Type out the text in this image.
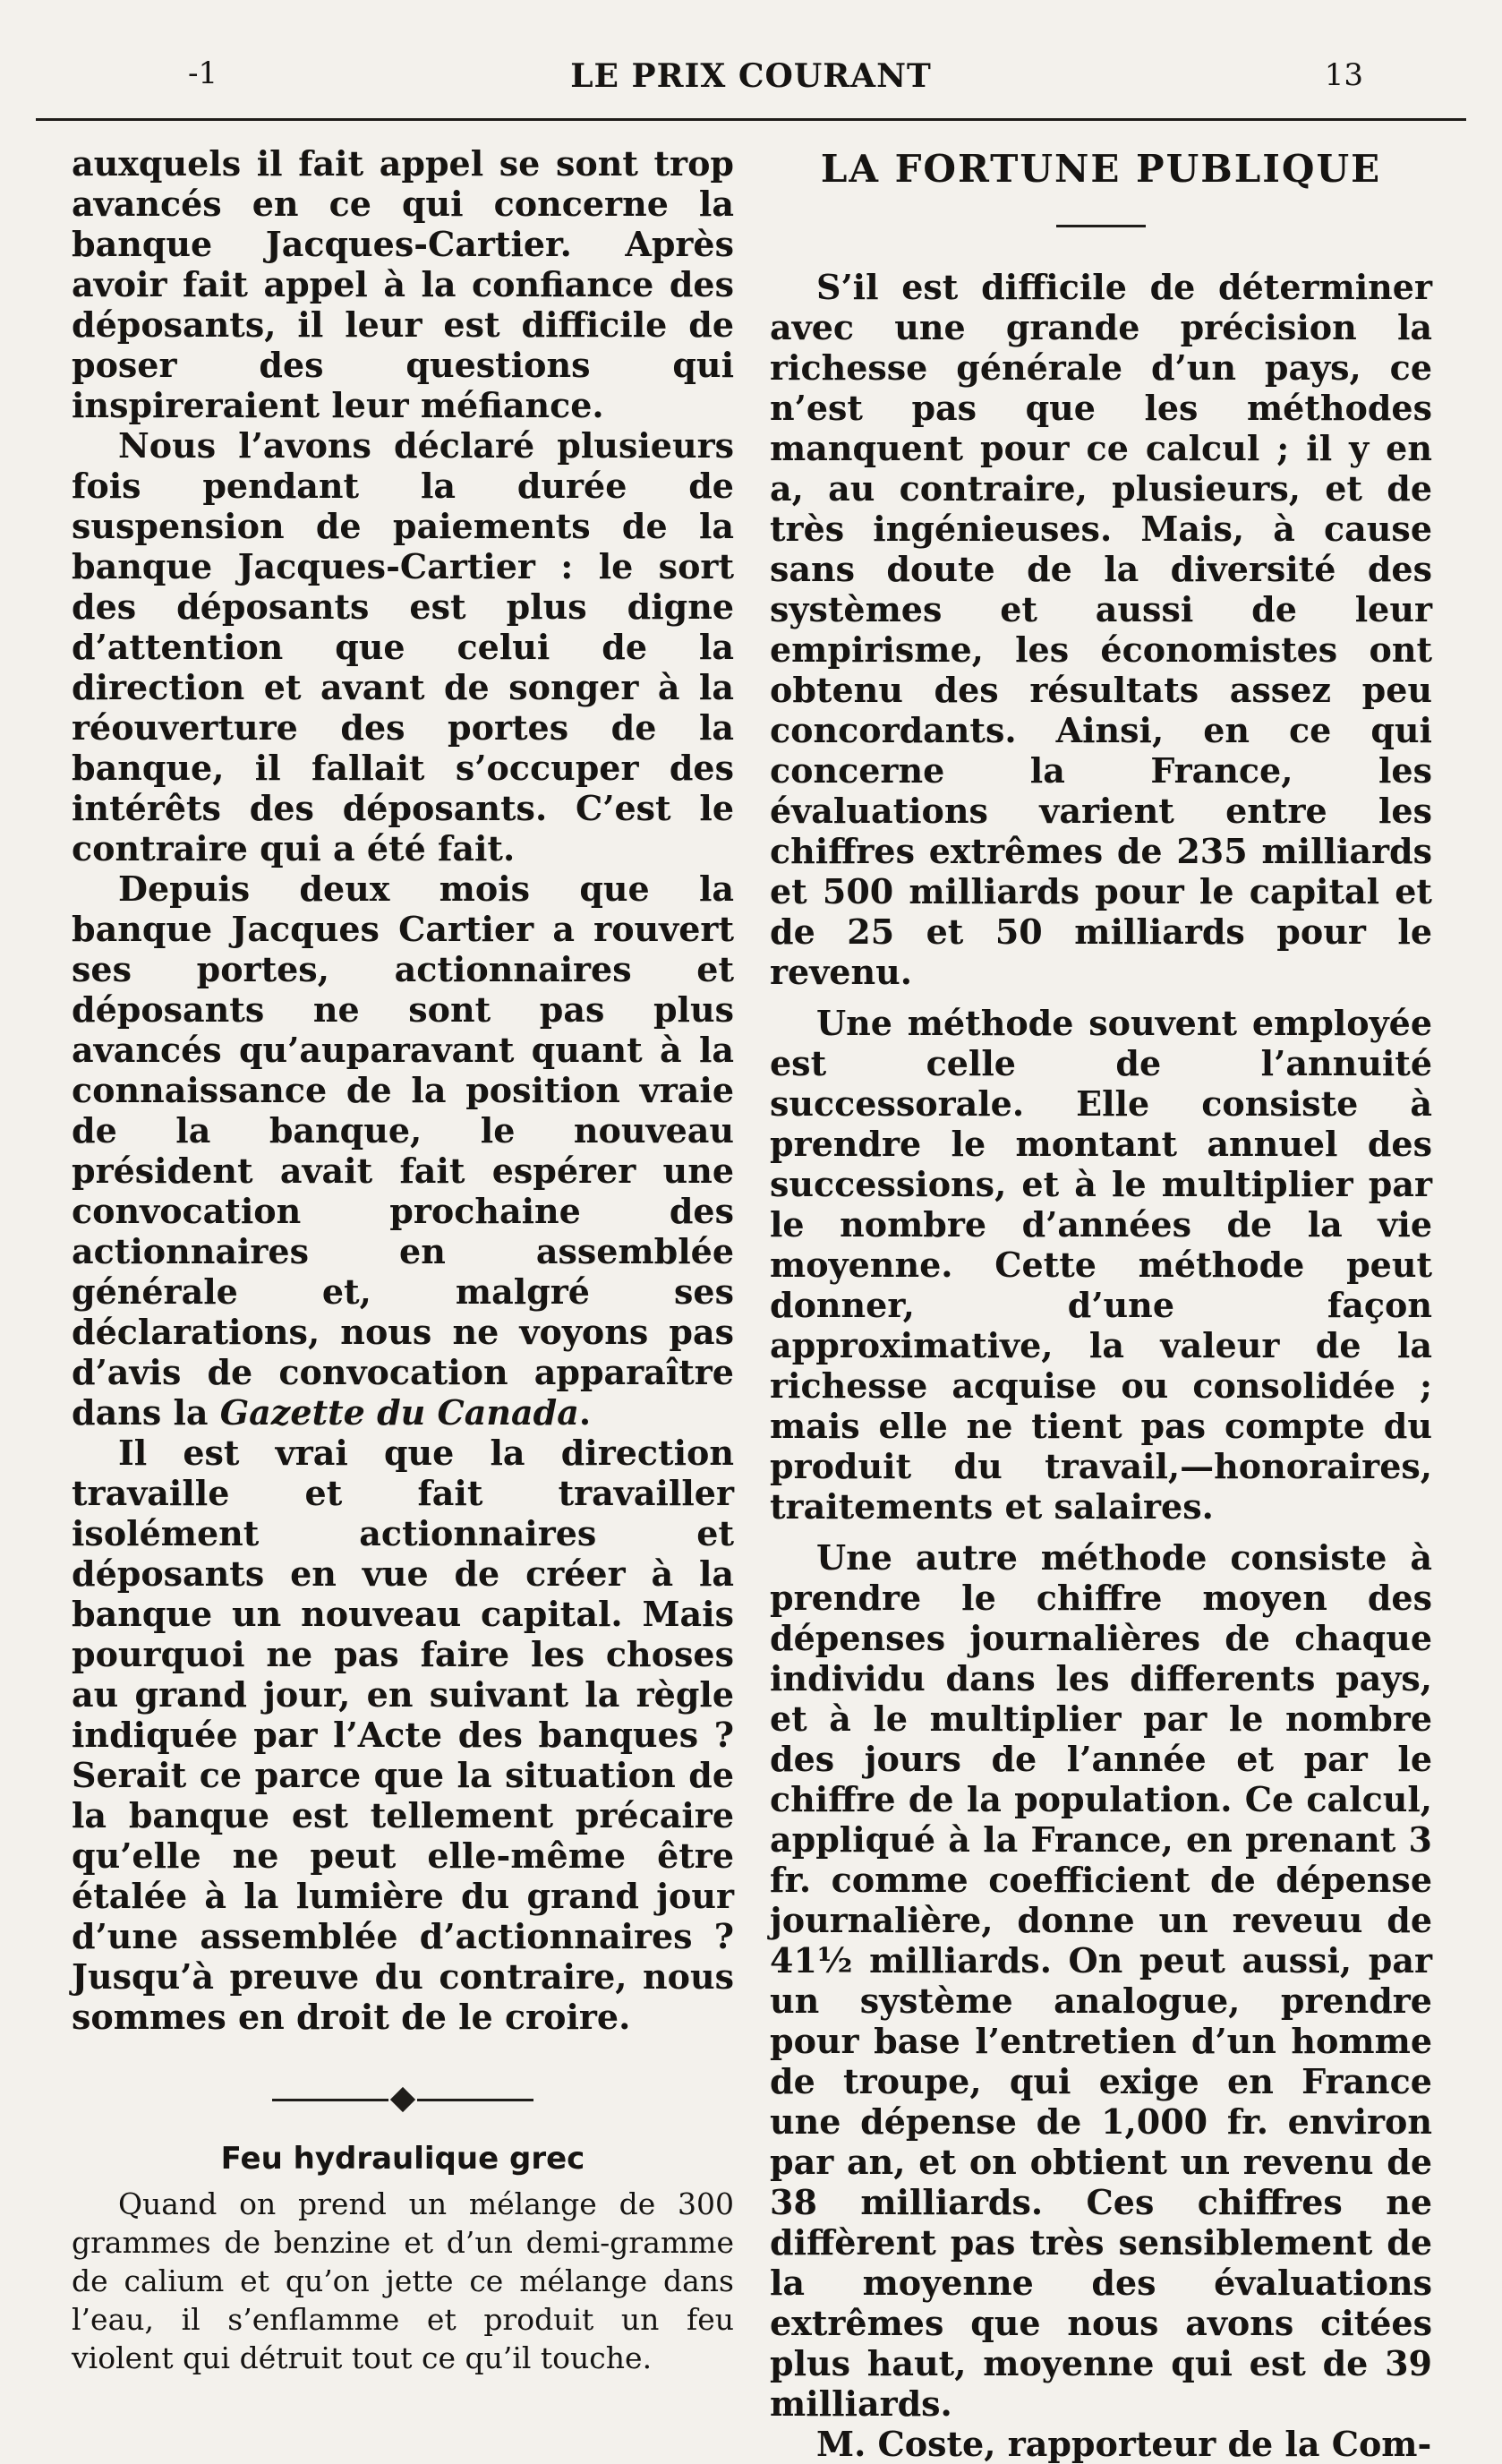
-1	LE PRIX COURANT	13

auxquels il fait appel se sont trop avancés en ce qui concerne la banque Jacques-Cartier. Après avoir fait appel à la confiance des déposants, il leur est difficile de poser des questions qui inspireraient leur méfiance.

Nous l’avons déclaré plusieurs fois pendant la durée de suspension de paiements de la banque Jacques-Cartier : le sort des déposants est plus digne d’attention que celui de la direction et avant de songer à la réouverture des portes de la banque, il fallait s’occuper des intérêts des déposants. C’est le contraire qui a été fait.

Depuis deux mois que la banque Jacques Cartier a rouvert ses portes, actionnaires et déposants ne sont pas plus avancés qu’auparavant quant à la connaissance de la position vraie de la banque, le nouveau président avait fait espérer une convocation prochaine des actionnaires en assemblée générale et, malgré ses déclarations, nous ne voyons pas d’avis de convocation apparaître dans la Gazette du Canada.

Il est vrai que la direction travaille et fait travailler isolément actionnaires et déposants en vue de créer à la banque un nouveau capital. Mais pourquoi ne pas faire les choses au grand jour, en suivant la règle indiquée par l’Acte des banques ? Serait ce parce que la situation de la banque est tellement précaire qu’elle ne peut elle-même être étalée à la lumière du grand jour d’une assemblée d’actionnaires ? Jusqu’à preuve du contraire, nous sommes en droit de le croire.

Feu hydraulique grec

Quand on prend un mélange de 300 grammes de benzine et d’un demi-gramme de calium et qu’on jette ce mélange dans l’eau, il s’enflamme et produit un feu violent qui détruit tout ce qu’il touche.

LA FORTUNE PUBLIQUE

S’il est difficile de déterminer avec une grande précision la richesse générale d’un pays, ce n’est pas que les méthodes manquent pour ce calcul ; il y en a, au contraire, plusieurs, et de très ingénieuses. Mais, à cause sans doute de la diversité des systèmes et aussi de leur empirisme, les économistes ont obtenu des résultats assez peu concordants. Ainsi, en ce qui concerne la France, les évaluations varient entre les chiffres extrêmes de 235 milliards et 500 milliards pour le capital et de 25 et 50 milliards pour le revenu.

Une méthode souvent employée est celle de l’annuité successorale. Elle consiste à prendre le montant annuel des successions, et à le multiplier par le nombre d’années de la vie moyenne. Cette méthode peut donner, d’une façon approximative, la valeur de la richesse acquise ou consolidée ; mais elle ne tient pas compte du produit du travail,—honoraires, traitements et salaires.

Une autre méthode consiste à prendre le chiffre moyen des dépenses journalières de chaque individu dans les differents pays, et à le multiplier par le nombre des jours de l’année et par le chiffre de la population. Ce calcul, appliqué à la France, en prenant 3 fr. comme coefficient de dépense journalière, donne un reveuu de 41½ milliards. On peut aussi, par un système analogue, prendre pour base l’entretien d’un homme de troupe, qui exige en France une dépense de 1,000 fr. environ par an, et on obtient un revenu de 38 milliards. Ces chiffres ne diffèrent pas très sensiblement de la moyenne des évaluations extrêmes que nous avons citées plus haut, moyenne qui est de 39 milliards.

M. Coste, rapporteur de la Com-
